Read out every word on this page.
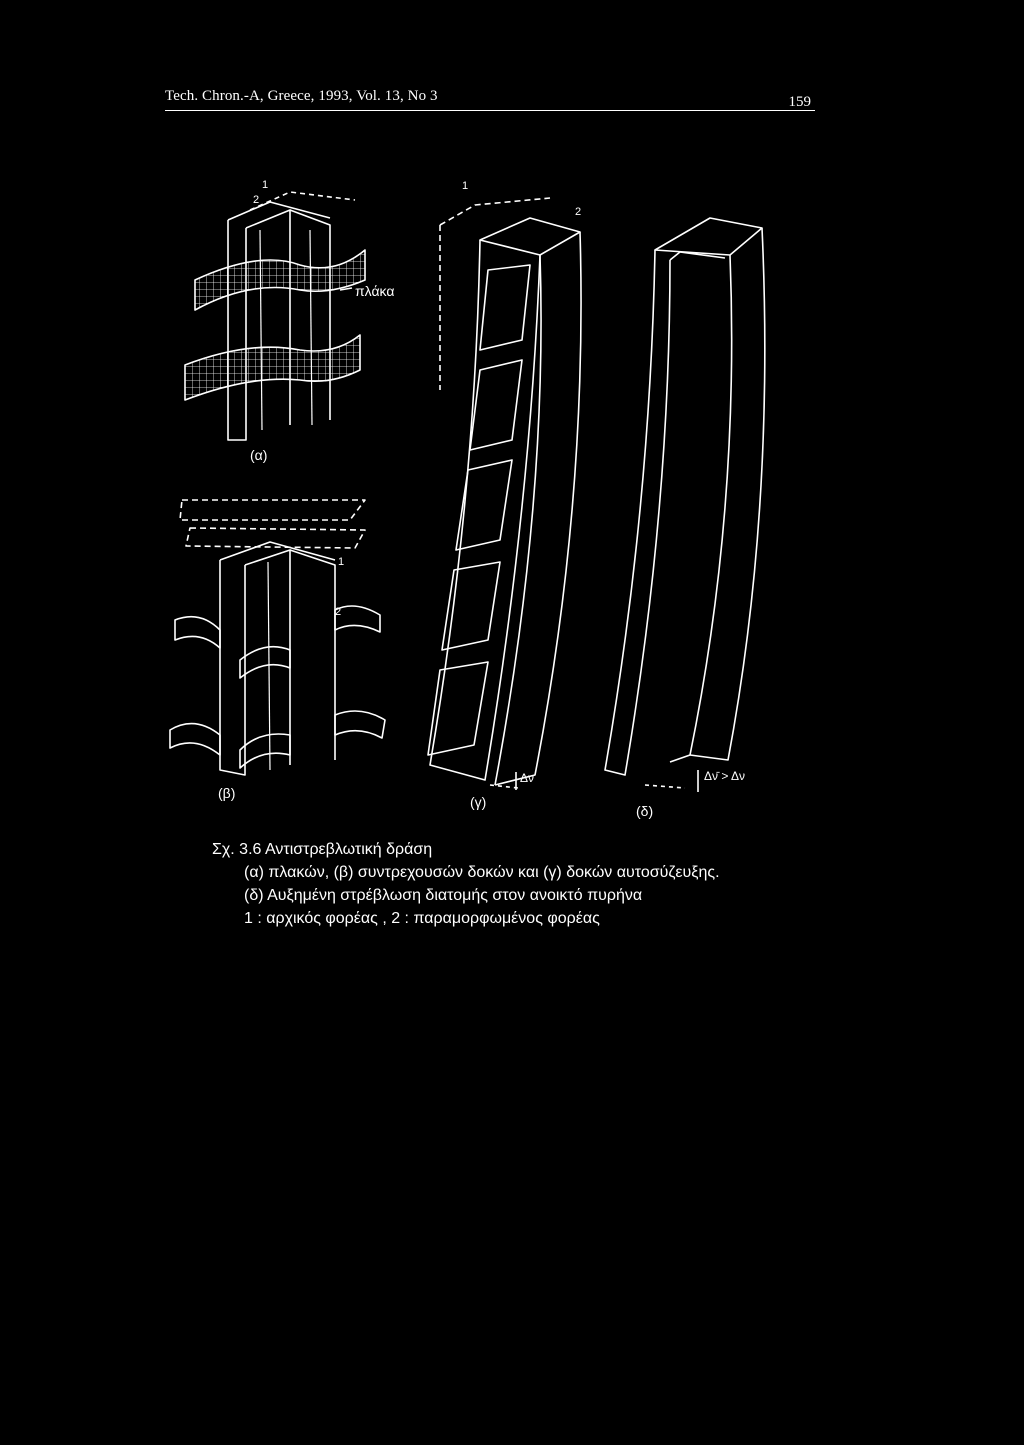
Tech. Chron.-A, Greece, 1993, Vol. 13, No 3	159
πλάκα
1
2
(α)
2
1
(β)
Δν
1
2
(γ)
Δν̄ > Δν
(δ)
Σχ. 3.6 Αντιστρεβλωτική δράση
(α) πλακών, (β) συντρεχουσών δοκών και (γ) δοκών αυτοσύζευξης.
(δ) Αυξημένη στρέβλωση διατομής στον ανοικτό πυρήνα
1 : αρχικός φορέας , 2 : παραμορφωμένος φορέας
